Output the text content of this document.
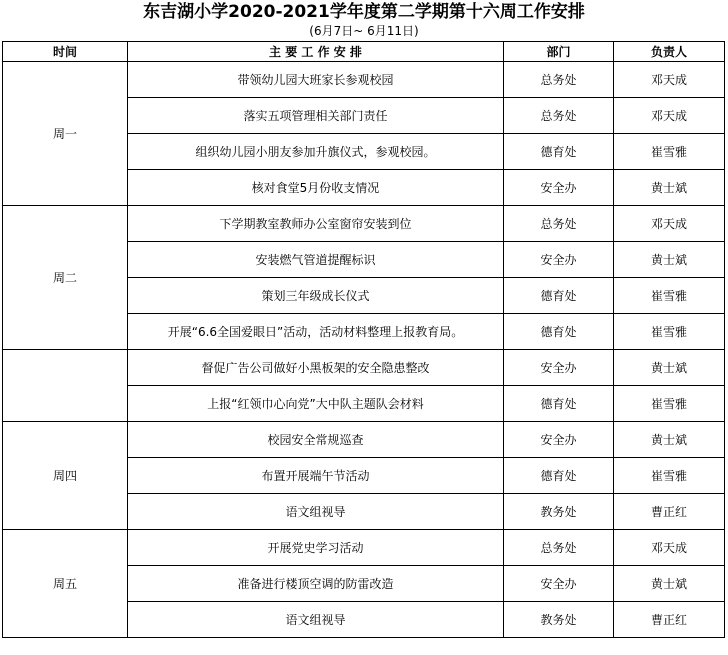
东吉湖小学2020-2021学年度第二学期第十六周工作安排
(6月7日~ 6月11日)
时间	主 要 工 作 安 排	部门	负责人
周一	带领幼儿园大班家长参观校园	总务处	邓天成
	落实五项管理相关部门责任	总务处	邓天成
	组织幼儿园小朋友参加升旗仪式，参观校园。	德育处	崔雪雅
	核对食堂5月份收支情况	安全办	黄士斌
周二	下学期教室教师办公室窗帘安装到位	总务处	邓天成
	安装燃气管道提醒标识	安全办	黄士斌
	策划三年级成长仪式	德育处	崔雪雅
	开展“6.6全国爱眼日”活动，活动材料整理上报教育局。	德育处	崔雪雅
	督促广告公司做好小黑板架的安全隐患整改	安全办	黄士斌
	上报“红领巾心向党”大中队主题队会材料	德育处	崔雪雅
周四	校园安全常规巡查	安全办	黄士斌
	布置开展端午节活动	德育处	崔雪雅
	语文组视导	教务处	曹正红
周五	开展党史学习活动	总务处	邓天成
	准备进行楼顶空调的防雷改造	安全办	黄士斌
	语文组视导	教务处	曹正红
